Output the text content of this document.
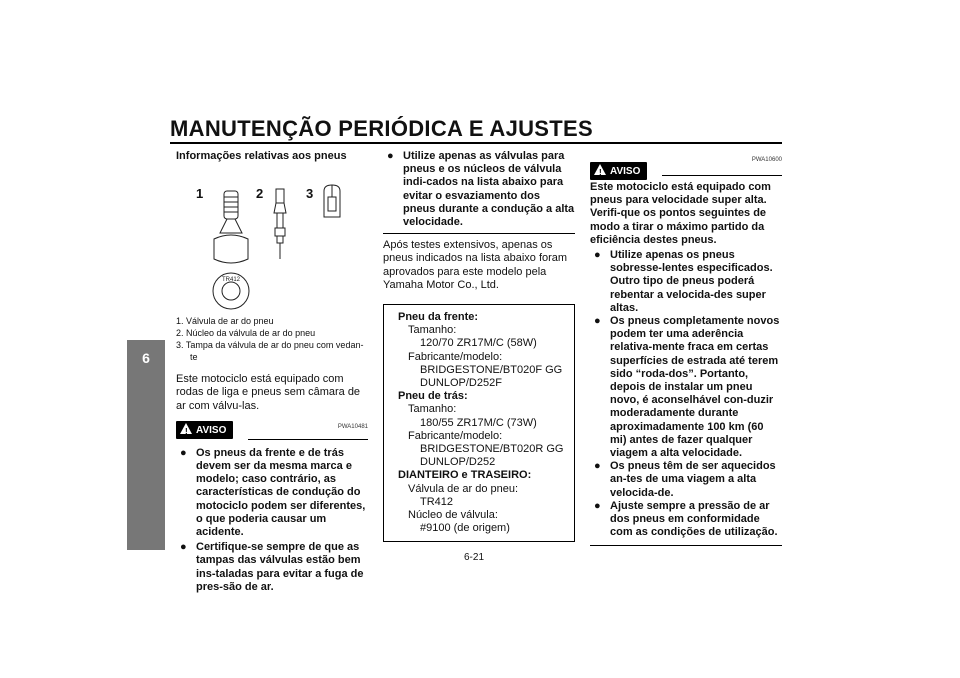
MANUTENÇÃO PERIÓDICA E AJUSTES
6
Informações relativas aos pneus
1	2	3
TR412
1. Válvula de ar do pneu
2. Núcleo da válvula de ar do pneu
3. Tampa da válvula de ar do pneu com vedan-te
Este motociclo está equipado com rodas de liga e pneus sem câmara de ar com válvu-las.
! AVISO	PWA10481
● Os pneus da frente e de trás devem ser da mesma marca e modelo; caso contrário, as características de condução do motociclo podem ser diferentes, o que poderia causar um acidente.
● Certifique-se sempre de que as tampas das válvulas estão bem ins-taladas para evitar a fuga de pres-são de ar.
● Utilize apenas as válvulas para pneus e os núcleos de válvula indi-cados na lista abaixo para evitar o esvaziamento dos pneus durante a condução a alta velocidade.
Após testes extensivos, apenas os pneus indicados na lista abaixo foram aprovados para este modelo pela Yamaha Motor Co., Ltd.
Pneu da frente:
Tamanho:
120/70 ZR17M/C (58W)
Fabricante/modelo:
BRIDGESTONE/BT020F GG
DUNLOP/D252F
Pneu de trás:
Tamanho:
180/55 ZR17M/C (73W)
Fabricante/modelo:
BRIDGESTONE/BT020R GG
DUNLOP/D252
DIANTEIRO e TRASEIRO:
Válvula de ar do pneu:
TR412
Núcleo de válvula:
#9100 (de origem)
PWA10600
! AVISO
Este motociclo está equipado com pneus para velocidade super alta. Verifi-que os pontos seguintes de modo a tirar o máximo partido da eficiência destes pneus.
● Utilize apenas os pneus sobresse-lentes especificados. Outro tipo de pneus poderá rebentar a velocida-des super altas.
● Os pneus completamente novos podem ter uma aderência relativa-mente fraca em certas superfícies de estrada até terem sido “roda-dos”. Portanto, depois de instalar um pneu novo, é aconselhável con-duzir moderadamente durante aproximadamente 100 km (60 mi) antes de fazer qualquer viagem a alta velocidade.
● Os pneus têm de ser aquecidos an-tes de uma viagem a alta velocida-de.
● Ajuste sempre a pressão de ar dos pneus em conformidade com as condições de utilização.
6-21
